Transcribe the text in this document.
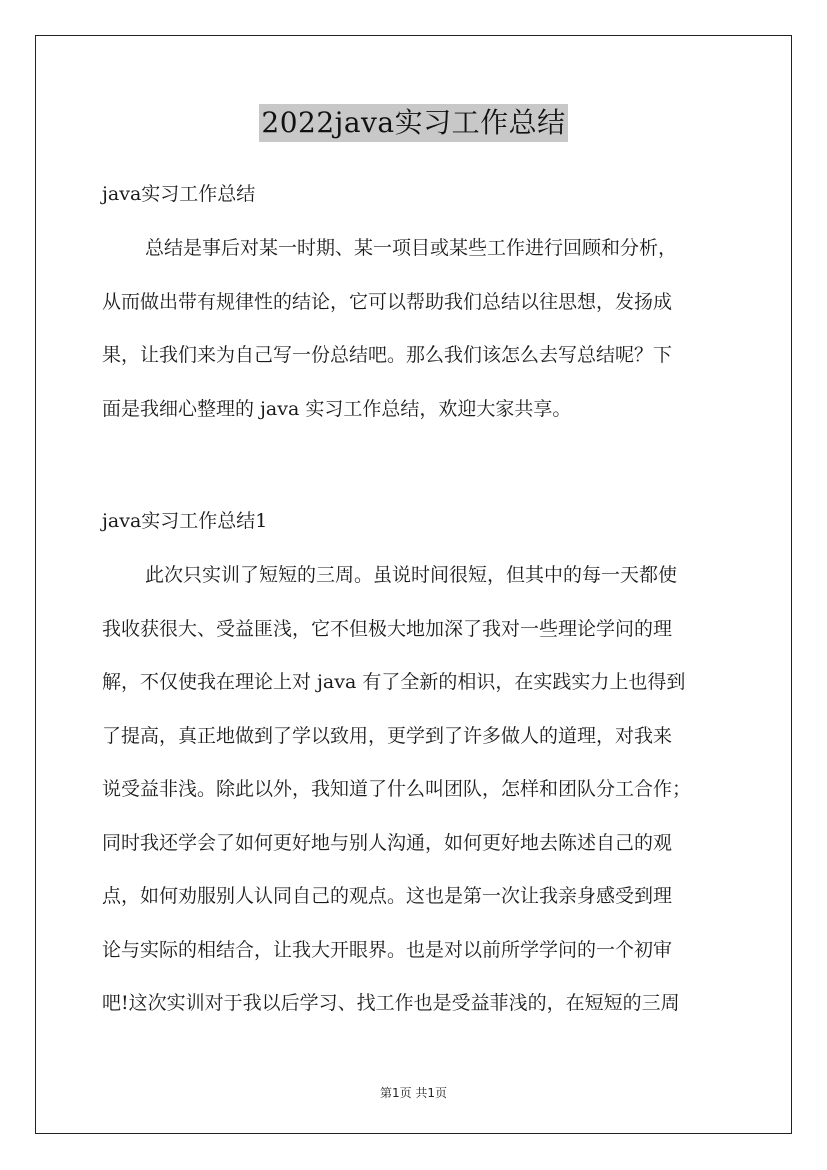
2022java实习工作总结
java实习工作总结
总结是事后对某一时期、某一项目或某些工作进行回顾和分析，
从而做出带有规律性的结论，它可以帮助我们总结以往思想，发扬成
果，让我们来为自己写一份总结吧。那么我们该怎么去写总结呢？下
面是我细心整理的 java 实习工作总结，欢迎大家共享。
java实习工作总结1
此次只实训了短短的三周。虽说时间很短，但其中的每一天都使
我收获很大、受益匪浅，它不但极大地加深了我对一些理论学问的理
解，不仅使我在理论上对 java 有了全新的相识，在实践实力上也得到
了提高，真正地做到了学以致用，更学到了许多做人的道理，对我来
说受益非浅。除此以外，我知道了什么叫团队，怎样和团队分工合作；
同时我还学会了如何更好地与别人沟通，如何更好地去陈述自己的观
点，如何劝服别人认同自己的观点。这也是第一次让我亲身感受到理
论与实际的相结合，让我大开眼界。也是对以前所学学问的一个初审
吧!这次实训对于我以后学习、找工作也是受益菲浅的，在短短的三周
第1页 共1页
